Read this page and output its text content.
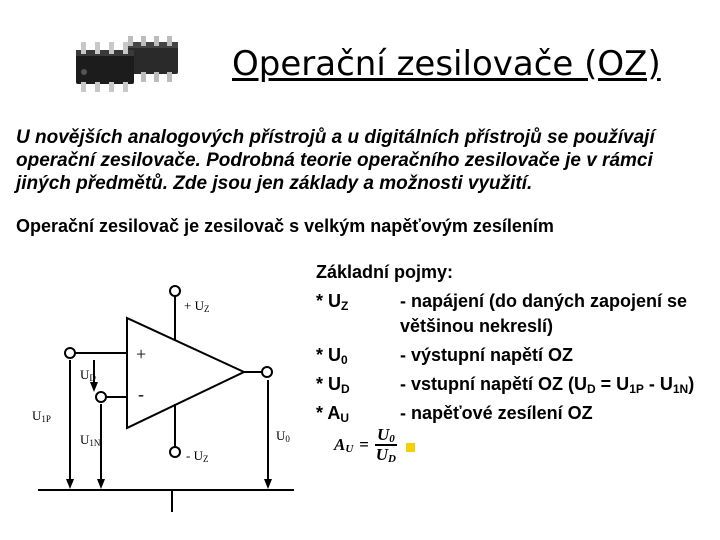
Operační zesilovače (OZ)
U novějších analogových přístrojů a u digitálních přístrojů se používají operační zesilovače. Podrobná teorie operačního zesilovače je v rámci jiných předmětů. Zde jsou jen základy a možnosti využití.
Operační zesilovač je zesilovač s velkým napěťovým zesílením
Základní pojmy:
* $U_Z$	- napájení (do daných zapojení se
většinou nekreslí)
* $U_0$	- výstupní napětí OZ
* $U_D$	- vstupní napětí OZ $(U_D = U_{1P} - U_{1N})$
* $A_U$	- napěťové zesílení OZ
+ $U_Z$
+
-
$U_D$
$U_{1P}$
$U_{1N}$	$U_0$
- $U_Z$
$A_U = \frac{U_0}{U_D}$
